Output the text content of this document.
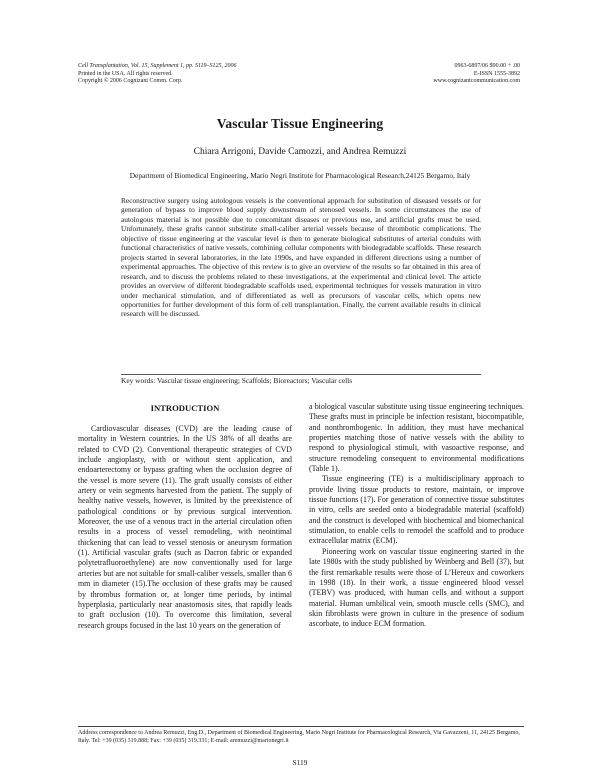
Cell Transplantation, Vol. 15, Supplement 1, pp. S119–S125, 2006
Printed in the USA. All rights reserved.
Copyright © 2006 Cognizant Comm. Corp.
0963-6897/06 $90.00 + .00
E-ISSN 1555-3892
www.cognizantcommunication.com
Vascular Tissue Engineering
Chiara Arrigoni, Davide Camozzi, and Andrea Remuzzi
Department of Biomedical Engineering, Mario Negri Institute for Pharmacological Research,24125 Bergamo, Italy
Reconstructive surgery using autologous vessels is the conventional approach for substitution of diseased vessels or for generation of bypass to improve blood supply downstream of stenosed vessels. In some circumstances the use of autologous material is not possible due to concomitant diseases or previous use, and artificial grafts must be used. Unfortunately, these grafts cannot substitute small-caliber arterial vessels because of thrombotic complications. The objective of tissue engineering at the vascular level is then to generate biological substitutes of arterial conduits with functional characteristics of native vessels, combining cellular components with biodegradable scaffolds. These research projects started in several laboratories, in the late 1990s, and have expanded in different directions using a number of experimental approaches. The objective of this review is to give an overview of the results so far obtained in this area of research, and to discuss the problems related to these investigations, at the experimental and clinical level. The article provides an overview of different biodegradable scaffolds used, experimental techniques for vessels maturation in vitro under mechanical stimulation, and of differentiated as well as precursors of vascular cells, which opens new opportunities for further development of this form of cell transplantation. Finally, the current available results in clinical research will be discussed.
Key words: Vascular tissue engineering; Scaffolds; Bioreactors; Vascular cells
INTRODUCTION

Cardiovascular diseases (CVD) are the leading cause of mortality in Western countries. In the US 38% of all deaths are related to CVD (2). Conventional therapeutic strategies of CVD include angioplasty, with or without stent application, and endoarterectomy or bypass grafting when the occlusion degree of the vessel is more severe (11). The graft usually consists of either artery or vein segments harvested from the patient. The supply of healthy native vessels, however, is limited by the preexistence of pathological conditions or by previous surgical intervention. Moreover, the use of a venous tract in the arterial circulation often results in a process of vessel remodeling, with neointimal thickening that can lead to vessel stenosis or aneurysm formation (1). Artificial vascular grafts (such as Dacron fabric or expanded polytetrafluoroethylene) are now conventionally used for large arteries but are not suitable for small-caliber vessels, smaller than 6 mm in diameter (15).The occlusion of these grafts may be caused by thrombus formation or, at longer time periods, by intimal hyperplasia, particularly near anastomosis sites, that rapidly leads to graft occlusion (10). To overcome this limitation, several research groups focused in the last 10 years on the generation of

a biological vascular substitute using tissue engineering techniques. These grafts must in principle be infection resistant, biocompatible, and nonthrombogenic. In addition, they must have mechanical properties matching those of native vessels with the ability to respond to physiological stimuli, with vasoactive response, and structure remodeling consequent to environmental modifications (Table 1).

Tissue engineering (TE) is a multidisciplinary approach to provide living tissue products to restore, maintain, or improve tissue functions (17). For generation of connective tissue substitutes in vitro, cells are seeded onto a biodegradable material (scaffold) and the construct is developed with biochemical and biomechanical stimulation, to enable cells to remodel the scaffold and to produce extracellular matrix (ECM).

Pioneering work on vascular tissue engineering started in the late 1980s with the study published by Weinberg and Bell (37), but the first remarkable results were those of L’Hereux and coworkers in 1998 (18). In their work, a tissue engineered blood vessel (TEBV) was produced, with human cells and without a support material. Human umbilical vein, smooth muscle cells (SMC), and skin fibroblasts were grown in culture in the presence of sodium ascorbate, to induce ECM formation.

Address correspondence to Andrea Remuzzi, Eng.D., Department of Biomedical Engineering, Mario Negri Institute for Pharmacological Research, Via Gavazzeni, 11, 24125 Bergamo, Italy. Tel: +39 (035) 319.888; Fax: +39 (035) 319.331; E-mail: aremuzzi@marionegri.it
S119
